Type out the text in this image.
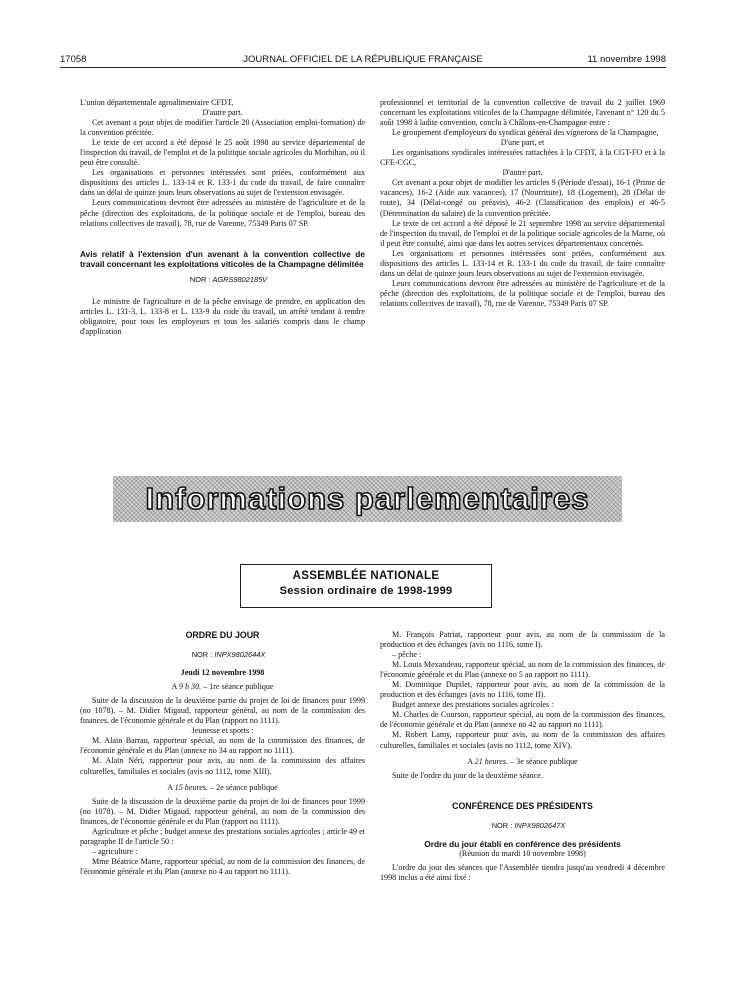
17058	JOURNAL OFFICIEL DE LA RÉPUBLIQUE FRANÇAISE	11 novembre 1998

L'union départementale agroalimentaire CFDT,

D'autre part.

Cet avenant a pour objet de modifier l'article 20 (Association emploi-formation) de la convention précitée.

Le texte de cet accord a été déposé le 25 août 1998 au service départemental de l'inspection du travail, de l'emploi et de la politique sociale agricoles du Morbihan, où il peut être consulté.

Les organisations et personnes intéressées sont priées, conformément aux dispositions des articles L. 133-14 et R. 133-1 du code du travail, de faire connaître dans un délai de quinze jours leurs observations au sujet de l'extension envisagée.

Leurs communications devront être adressées au ministère de l'agriculture et de la pêche (direction des exploitations, de la politique sociale et de l'emploi, bureau des relations collectives de travail), 78, rue de Varenne, 75349 Paris 07 SP.

Avis relatif à l'extension d'un avenant à la convention collective de travail concernant les exploitations viticoles de la Champagne délimitée

NOR : AGRS9802185V

Le ministre de l'agriculture et de la pêche envisage de prendre, en application des articles L. 131-3, L. 133-8 et L. 133-9 du code du travail, un arrêté tendant à rendre obligatoire, pour tous les employeurs et tous les salariés compris dans le champ d'application

professionnel et territorial de la convention collective de travail du 2 juillet 1969 concernant les exploitations viticoles de la Champagne délimitée, l'avenant n° 120 du 5 août 1998 à ladite convention, conclu à Châlons-en-Champagne entre :

Le groupement d'employeurs du syndicat général des vignerons de la Champagne,

D'une part, et

Les organisations syndicales intéressées rattachées à la CFDT, à la CGT-FO et à la CFE-CGC,

D'autre part.

Cet avenant a pour objet de modifier les articles 9 (Période d'essai), 16-1 (Prime de vacances), 16-2 (Aide aux vacances), 17 (Nourriture), 18 (Logement), 28 (Délai de route), 34 (Délai-congé ou préavis), 46-2 (Classification des emplois) et 46-5 (Détermination du salaire) de la convention précitée.

Le texte de cet accord a été déposé le 21 septembre 1998 au service départemental de l'inspection du travail, de l'emploi et de la politique sociale agricoles de la Marne, où il peut être consulté, ainsi que dans les autres services départementaux concernés.

Les organisations et personnes intéressées sont priées, conformément aux dispositions des articles L. 133-14 et R. 133-1 du code du travail, de faire connaître dans un délai de quinze jours leurs observations au sujet de l'extension envisagée.

Leurs communications devront être adressées au ministère de l'agriculture et de la pêche (direction des exploitations, de la politique sociale et de l'emploi, bureau des relations collectives de travail), 78, rue de Varenne, 75349 Paris 07 SP.

Informations parlementaires
ASSEMBLÉE NATIONALE
Session ordinaire de 1998-1999
ORDRE DU JOUR

NOR : INPX9802644X

Jeudi 12 novembre 1998

A 9 h 30. – 1re séance publique

Suite de la discussion de la deuxième partie du projet de loi de finances pour 1999 (no 1078). – M. Didier Migaud, rapporteur général, au nom de la commission des finances, de l'économie générale et du Plan (rapport no 1111).

Jeunesse et sports :

M. Alain Barrau, rapporteur spécial, au nom de la commission des finances, de l'économie générale et du Plan (annexe no 34 au rapport no 1111).

M. Alain Néri, rapporteur pour avis, au nom de la commission des affaires culturelles, familiales et sociales (avis no 1112, tome XIII).

A 15 heures. – 2e séance publique

Suite de la discussion de la deuxième partie du projet de loi de finances pour 1999 (no 1078). – M. Didier Migaud, rapporteur général, au nom de la commission des finances, de l'économie générale et du Plan (rapport no 1111).

Agriculture et pêche ; budget annexe des prestations sociales agricoles ; article 49 et paragraphe II de l'article 50 :

– agriculture :

Mme Béatrice Marre, rapporteur spécial, au nom de la commission des finances, de l'économie générale et du Plan (annexe no 4 au rapport no 1111).

M. François Patriat, rapporteur pour avis, au nom de la commission de la production et des échanges (avis no 1116, tome I).

– pêche :

M. Louis Mexandeau, rapporteur spécial, au nom de la commission des finances, de l'économie générale et du Plan (annexe no 5 au rapport no 1111).

M. Dominique Dupilet, rapporteur pour avis, au nom de la commission de la production et des échanges (avis no 1116, tome II).

Budget annexe des prestations sociales agricoles :

M. Charles de Courson, rapporteur spécial, au nom de la commission des finances, de l'économie générale et du Plan (annexe no 42 au rapport no 1111).

M. Robert Lamy, rapporteur pour avis, au nom de la commission des affaires culturelles, familiales et sociales (avis no 1112, tome XIV).

A 21 heures. – 3e séance publique

Suite de l'ordre du jour de la deuxième séance.

CONFÉRENCE DES PRÉSIDENTS

NOR : INPX9802647X

Ordre du jour établi en conférence des présidents

(Réunion du mardi 10 novembre 1998)

L'ordre du jour des séances que l'Assemblée tiendra jusqu'au vendredi 4 décembre 1998 inclus a été ainsi fixé :
